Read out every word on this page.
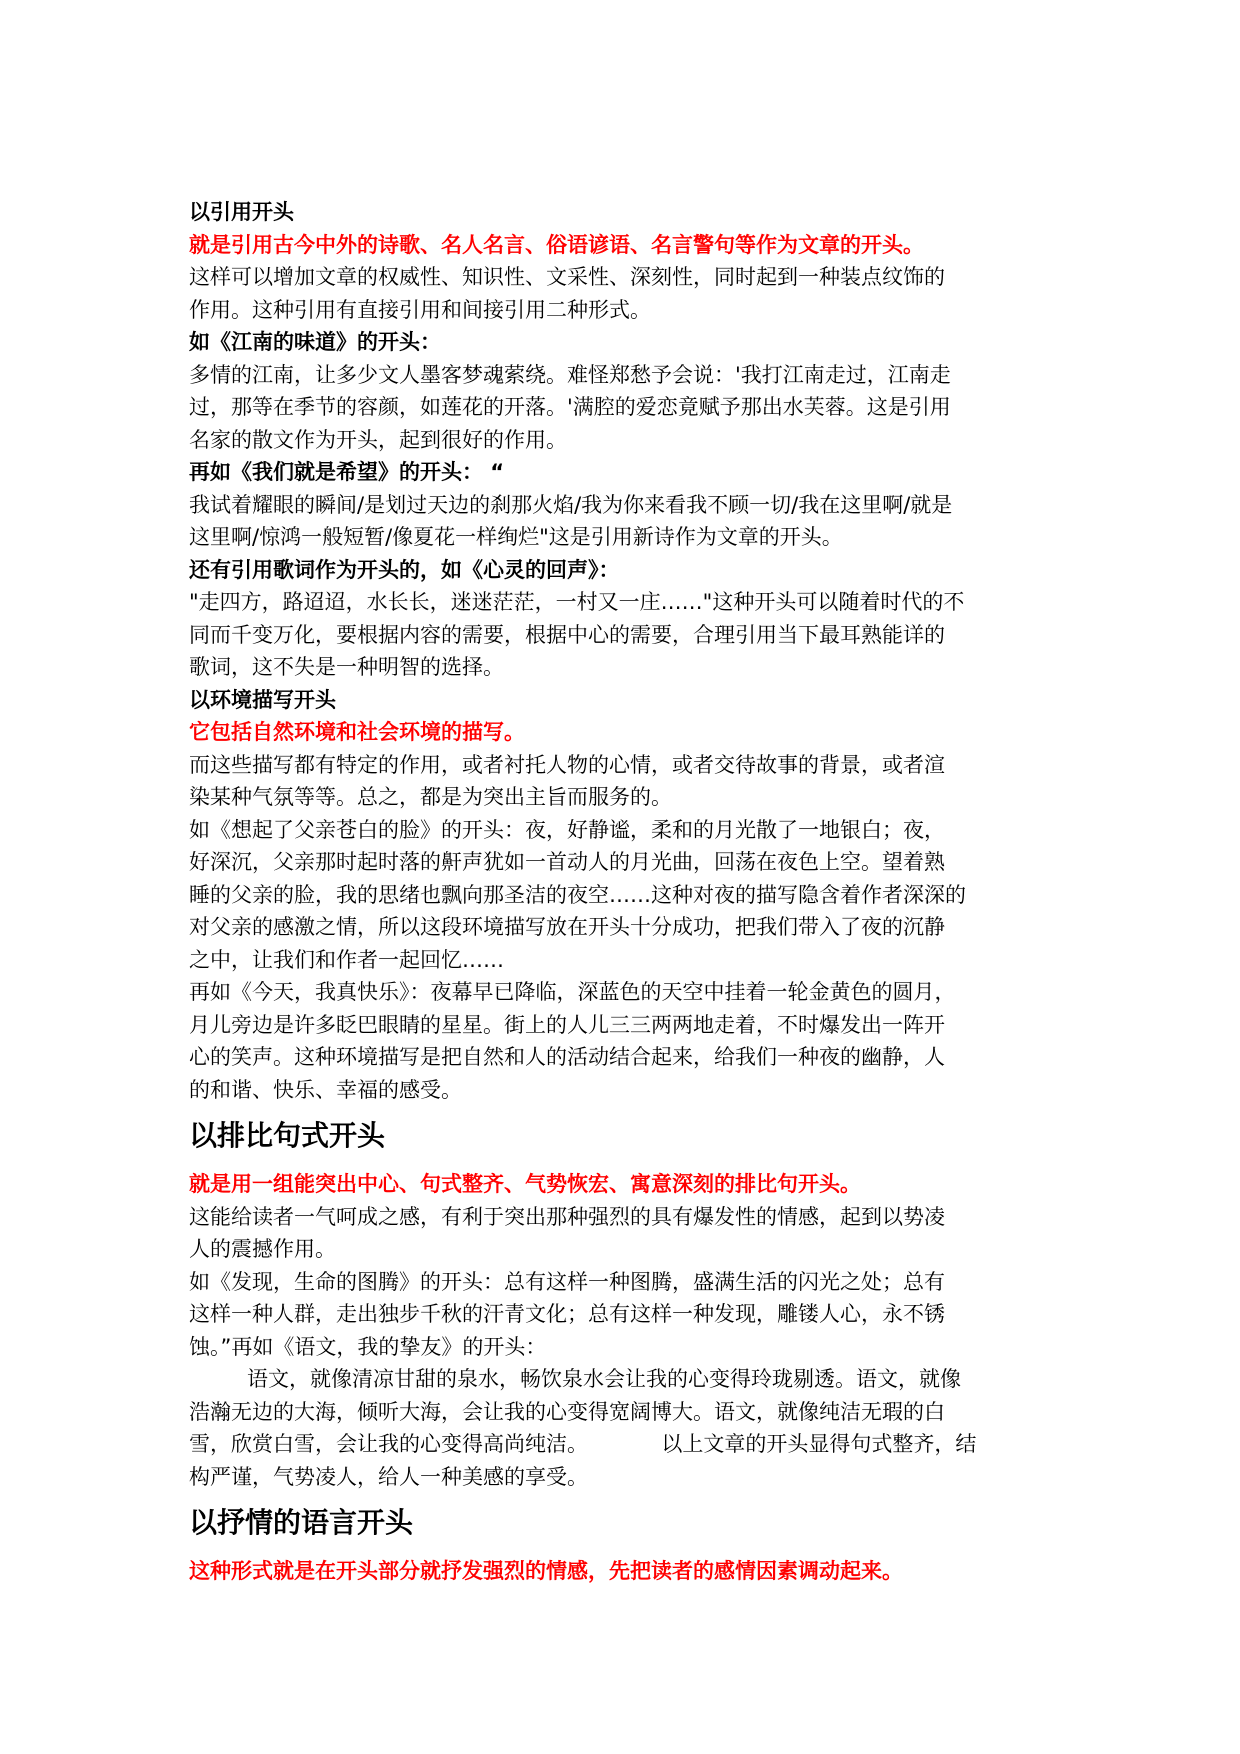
以引用开头

就是引用古今中外的诗歌、名人名言、俗语谚语、名言警句等作为文章的开头。

这样可以增加文章的权威性、知识性、文采性、深刻性，同时起到一种装点纹饰的

作用。这种引用有直接引用和间接引用二种形式。

如《江南的味道》的开头：

多情的江南，让多少文人墨客梦魂萦绕。难怪郑愁予会说：'我打江南走过，江南走

过，那等在季节的容颜，如莲花的开落。'满腔的爱恋竟赋予那出水芙蓉。这是引用

名家的散文作为开头，起到很好的作用。

再如《我们就是希望》的开头： “

我试着耀眼的瞬间/是划过天边的刹那火焰/我为你来看我不顾一切/我在这里啊/就是

这里啊/惊鸿一般短暂/像夏花一样绚烂"这是引用新诗作为文章的开头。

还有引用歌词作为开头的，如《心灵的回声》：

"走四方，路迢迢，水长长，迷迷茫茫，一村又一庄……"这种开头可以随着时代的不

同而千变万化，要根据内容的需要，根据中心的需要，合理引用当下最耳熟能详的

歌词，这不失是一种明智的选择。

以环境描写开头

它包括自然环境和社会环境的描写。

而这些描写都有特定的作用，或者衬托人物的心情，或者交待故事的背景，或者渲

染某种气氛等等。总之，都是为突出主旨而服务的。

如《想起了父亲苍白的脸》的开头：夜，好静谧，柔和的月光散了一地银白；夜，

好深沉，父亲那时起时落的鼾声犹如一首动人的月光曲，回荡在夜色上空。望着熟

睡的父亲的脸，我的思绪也飘向那圣洁的夜空……这种对夜的描写隐含着作者深深的

对父亲的感激之情，所以这段环境描写放在开头十分成功，把我们带入了夜的沉静

之中，让我们和作者一起回忆……

再如《今天，我真快乐》：夜幕早已降临，深蓝色的天空中挂着一轮金黄色的圆月，

月儿旁边是许多眨巴眼睛的星星。街上的人儿三三两两地走着，不时爆发出一阵开

心的笑声。这种环境描写是把自然和人的活动结合起来，给我们一种夜的幽静，人

的和谐、快乐、幸福的感受。

以排比句式开头

就是用一组能突出中心、句式整齐、气势恢宏、寓意深刻的排比句开头。

这能给读者一气呵成之感，有利于突出那种强烈的具有爆发性的情感，起到以势凌

人的震撼作用。

如《发现，生命的图腾》的开头：总有这样一种图腾，盛满生活的闪光之处；总有

这样一种人群，走出独步千秋的汗青文化；总有这样一种发现，雕镂人心，永不锈

蚀。”再如《语文，我的挚友》的开头：

语文，就像清凉甘甜的泉水，畅饮泉水会让我的心变得玲珑剔透。语文，就像

浩瀚无边的大海，倾听大海，会让我的心变得宽阔博大。语文，就像纯洁无瑕的白

雪，欣赏白雪，会让我的心变得高尚纯洁。           以上文章的开头显得句式整齐，结

构严谨，气势凌人，给人一种美感的享受。

以抒情的语言开头

这种形式就是在开头部分就抒发强烈的情感，先把读者的感情因素调动起来。
